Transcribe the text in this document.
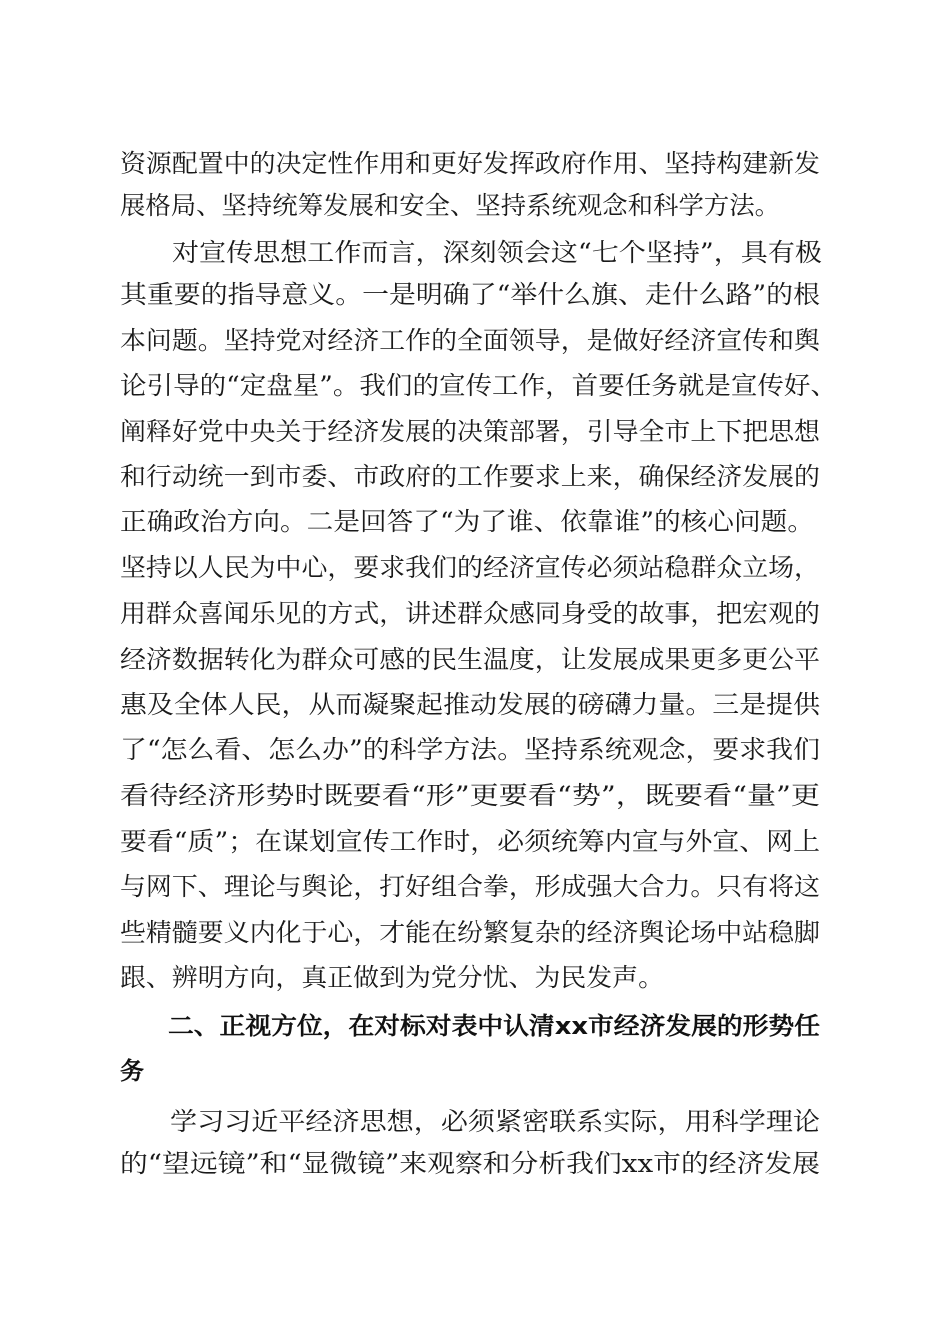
资源配置中的决定性作用和更好发挥政府作用、坚持构建新发
展格局、坚持统筹发展和安全、坚持系统观念和科学方法。
对宣传思想工作而言，深刻领会这“七个坚持”，具有极
其重要的指导意义。一是明确了“举什么旗、走什么路”的根
本问题。坚持党对经济工作的全面领导，是做好经济宣传和舆
论引导的“定盘星”。我们的宣传工作，首要任务就是宣传好、
阐释好党中央关于经济发展的决策部署，引导全市上下把思想
和行动统一到市委、市政府的工作要求上来，确保经济发展的
正确政治方向。二是回答了“为了谁、依靠谁”的核心问题。
坚持以人民为中心，要求我们的经济宣传必须站稳群众立场，
用群众喜闻乐见的方式，讲述群众感同身受的故事，把宏观的
经济数据转化为群众可感的民生温度，让发展成果更多更公平
惠及全体人民，从而凝聚起推动发展的磅礴力量。三是提供
了“怎么看、怎么办”的科学方法。坚持系统观念，要求我们
看待经济形势时既要看“形”更要看“势”，既要看“量”更
要看“质”；在谋划宣传工作时，必须统筹内宣与外宣、网上
与网下、理论与舆论，打好组合拳，形成强大合力。只有将这
些精髓要义内化于心，才能在纷繁复杂的经济舆论场中站稳脚
跟、辨明方向，真正做到为党分忧、为民发声。
二、正视方位，在对标对表中认清xx市经济发展的形势任
务
学习习近平经济思想，必须紧密联系实际，用科学理论
的“望远镜”和“显微镜”来观察和分析我们xx市的经济发展
